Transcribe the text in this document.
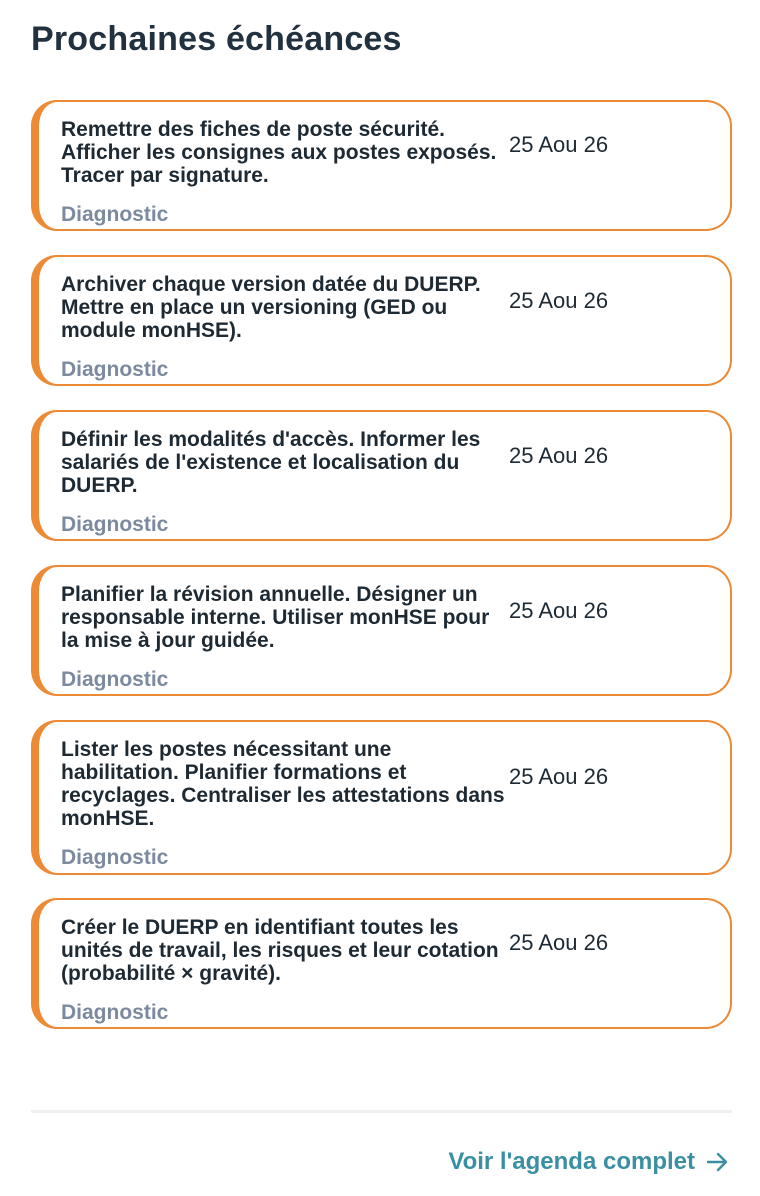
Prochaines échéances
Remettre des fiches de poste sécurité. Afficher les consignes aux postes exposés. Tracer par signature.
25 Aou 26
Diagnostic
Archiver chaque version datée du DUERP. Mettre en place un versioning (GED ou module monHSE).
25 Aou 26
Diagnostic
Définir les modalités d'accès. Informer les salariés de l'existence et localisation du DUERP.
25 Aou 26
Diagnostic
Planifier la révision annuelle. Désigner un responsable interne. Utiliser monHSE pour la mise à jour guidée.
25 Aou 26
Diagnostic
Lister les postes nécessitant une habilitation. Planifier formations et recyclages. Centraliser les attestations dans monHSE.
25 Aou 26
Diagnostic
Créer le DUERP en identifiant toutes les unités de travail, les risques et leur cotation (probabilité × gravité).
25 Aou 26
Diagnostic
Voir l'agenda complet
